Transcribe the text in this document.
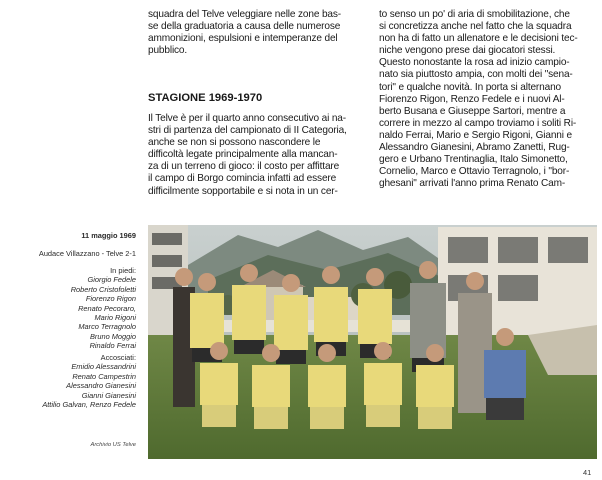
squadra del Telve veleggiare nelle zone bas-
se della graduatoria a causa delle numerose
ammonizioni, espulsioni e intemperanze del
pubblico.
STAGIONE 1969-1970
Il Telve è per il quarto anno consecutivo ai na-
stri di partenza del campionato di II Categoria,
anche se non si possono nascondere le
difficoltà legate principalmente alla mancan-
za di un terreno di gioco: il costo per affittare
il campo di Borgo comincia infatti ad essere
difficilmente sopportabile e si nota in un cer-
to senso un po' di aria di smobilitazione, che
si concretizza anche nel fatto che la squadra
non ha di fatto un allenatore e le decisioni tec-
niche vengono prese dai giocatori stessi.
Questo nonostante la rosa ad inizio campio-
nato sia piuttosto ampia, con molti dei "sena-
tori" e qualche novità. In porta si alternano
Fiorenzo Rigon, Renzo Fedele e i nuovi Al-
berto Busana e Giuseppe Sartori, mentre a
correre in mezzo al campo troviamo i soliti Ri-
naldo Ferrai, Mario e Sergio Rigoni, Gianni e
Alessandro Gianesini, Abramo Zanetti, Rug-
gero e Urbano Trentinaglia, Italo Simonetto,
Cornelio, Marco e Ottavio Terragnolo, i "bor-
ghesani" arrivati l'anno prima Renato Cam-
11 maggio 1969
Audace Villazzano - Telve 2-1
In piedi:
Giorgio Fedele
Roberto Cristofoletti
Fiorenzo Rigon
Renato Pecoraro,
Mario Rigoni
Marco Terragnolo
Bruno Moggio
Rinaldo Ferrai
Accosciati:
Emidio Alessandrini
Renato Campestrin
Alessandro Gianesini
Gianni Gianesini
Attilio Galvan, Renzo Fedele
Archivio US Telve
41
